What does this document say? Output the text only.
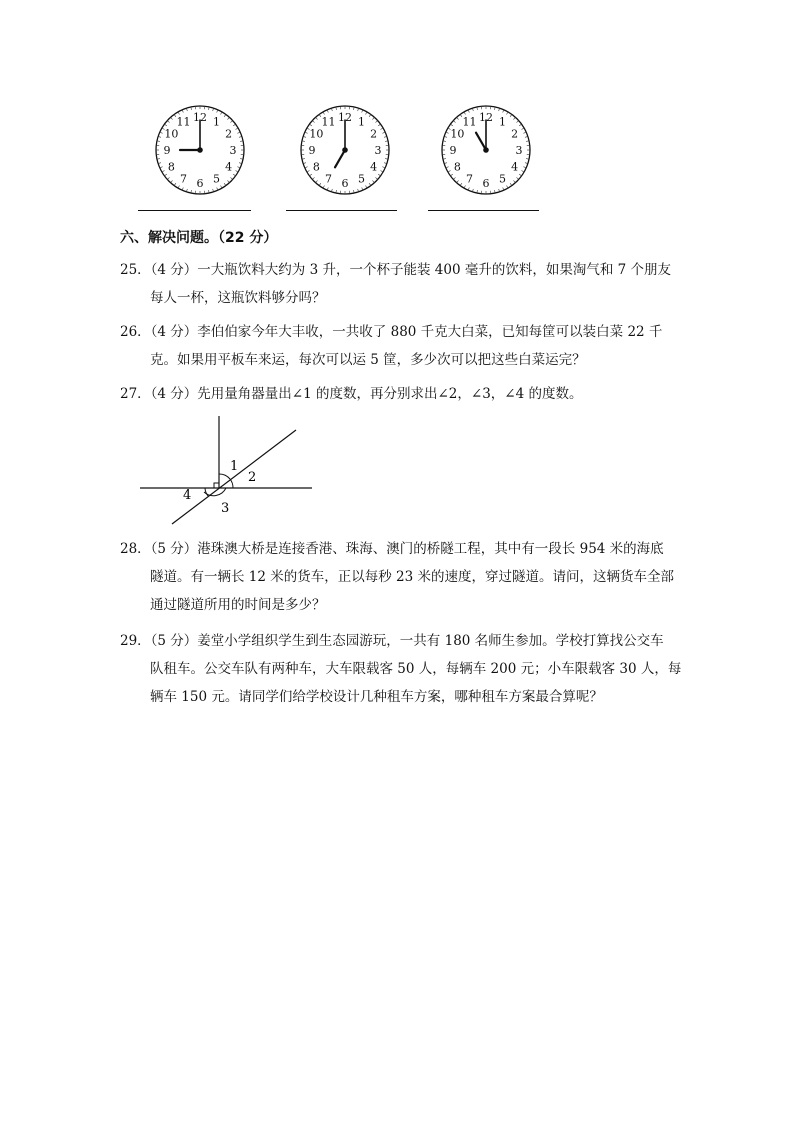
12 1
2
3
4
5
6
7
8
9
10
11	12 1
2
3
4
5
6
7
8
9
10
11	12 1
2
3
4
5
6
7
8
9
10
11
六、解决问题。（22 分）
25．（4 分）一大瓶饮料大约为 3 升，一个杯子能装 400 毫升的饮料，如果淘气和 7 个朋友
每人一杯，这瓶饮料够分吗？
26．（4 分）李伯伯家今年大丰收，一共收了 880 千克大白菜，已知每筐可以装白菜 22 千
克。如果用平板车来运，每次可以运 5 筐，多少次可以把这些白菜运完？
27．（4 分）先用量角器量出∠1 的度数，再分别求出∠2，∠3，∠4 的度数。
1
2
3
4
28．（5 分）港珠澳大桥是连接香港、珠海、澳门的桥隧工程，其中有一段长 954 米的海底
隧道。有一辆长 12 米的货车，正以每秒 23 米的速度，穿过隧道。请问，这辆货车全部
通过隧道所用的时间是多少？
29．（5 分）姜堂小学组织学生到生态园游玩，一共有 180 名师生参加。学校打算找公交车
队租车。公交车队有两种车，大车限载客 50 人，每辆车 200 元；小车限载客 30 人，每
辆车 150 元。请同学们给学校设计几种租车方案，哪种租车方案最合算呢？
